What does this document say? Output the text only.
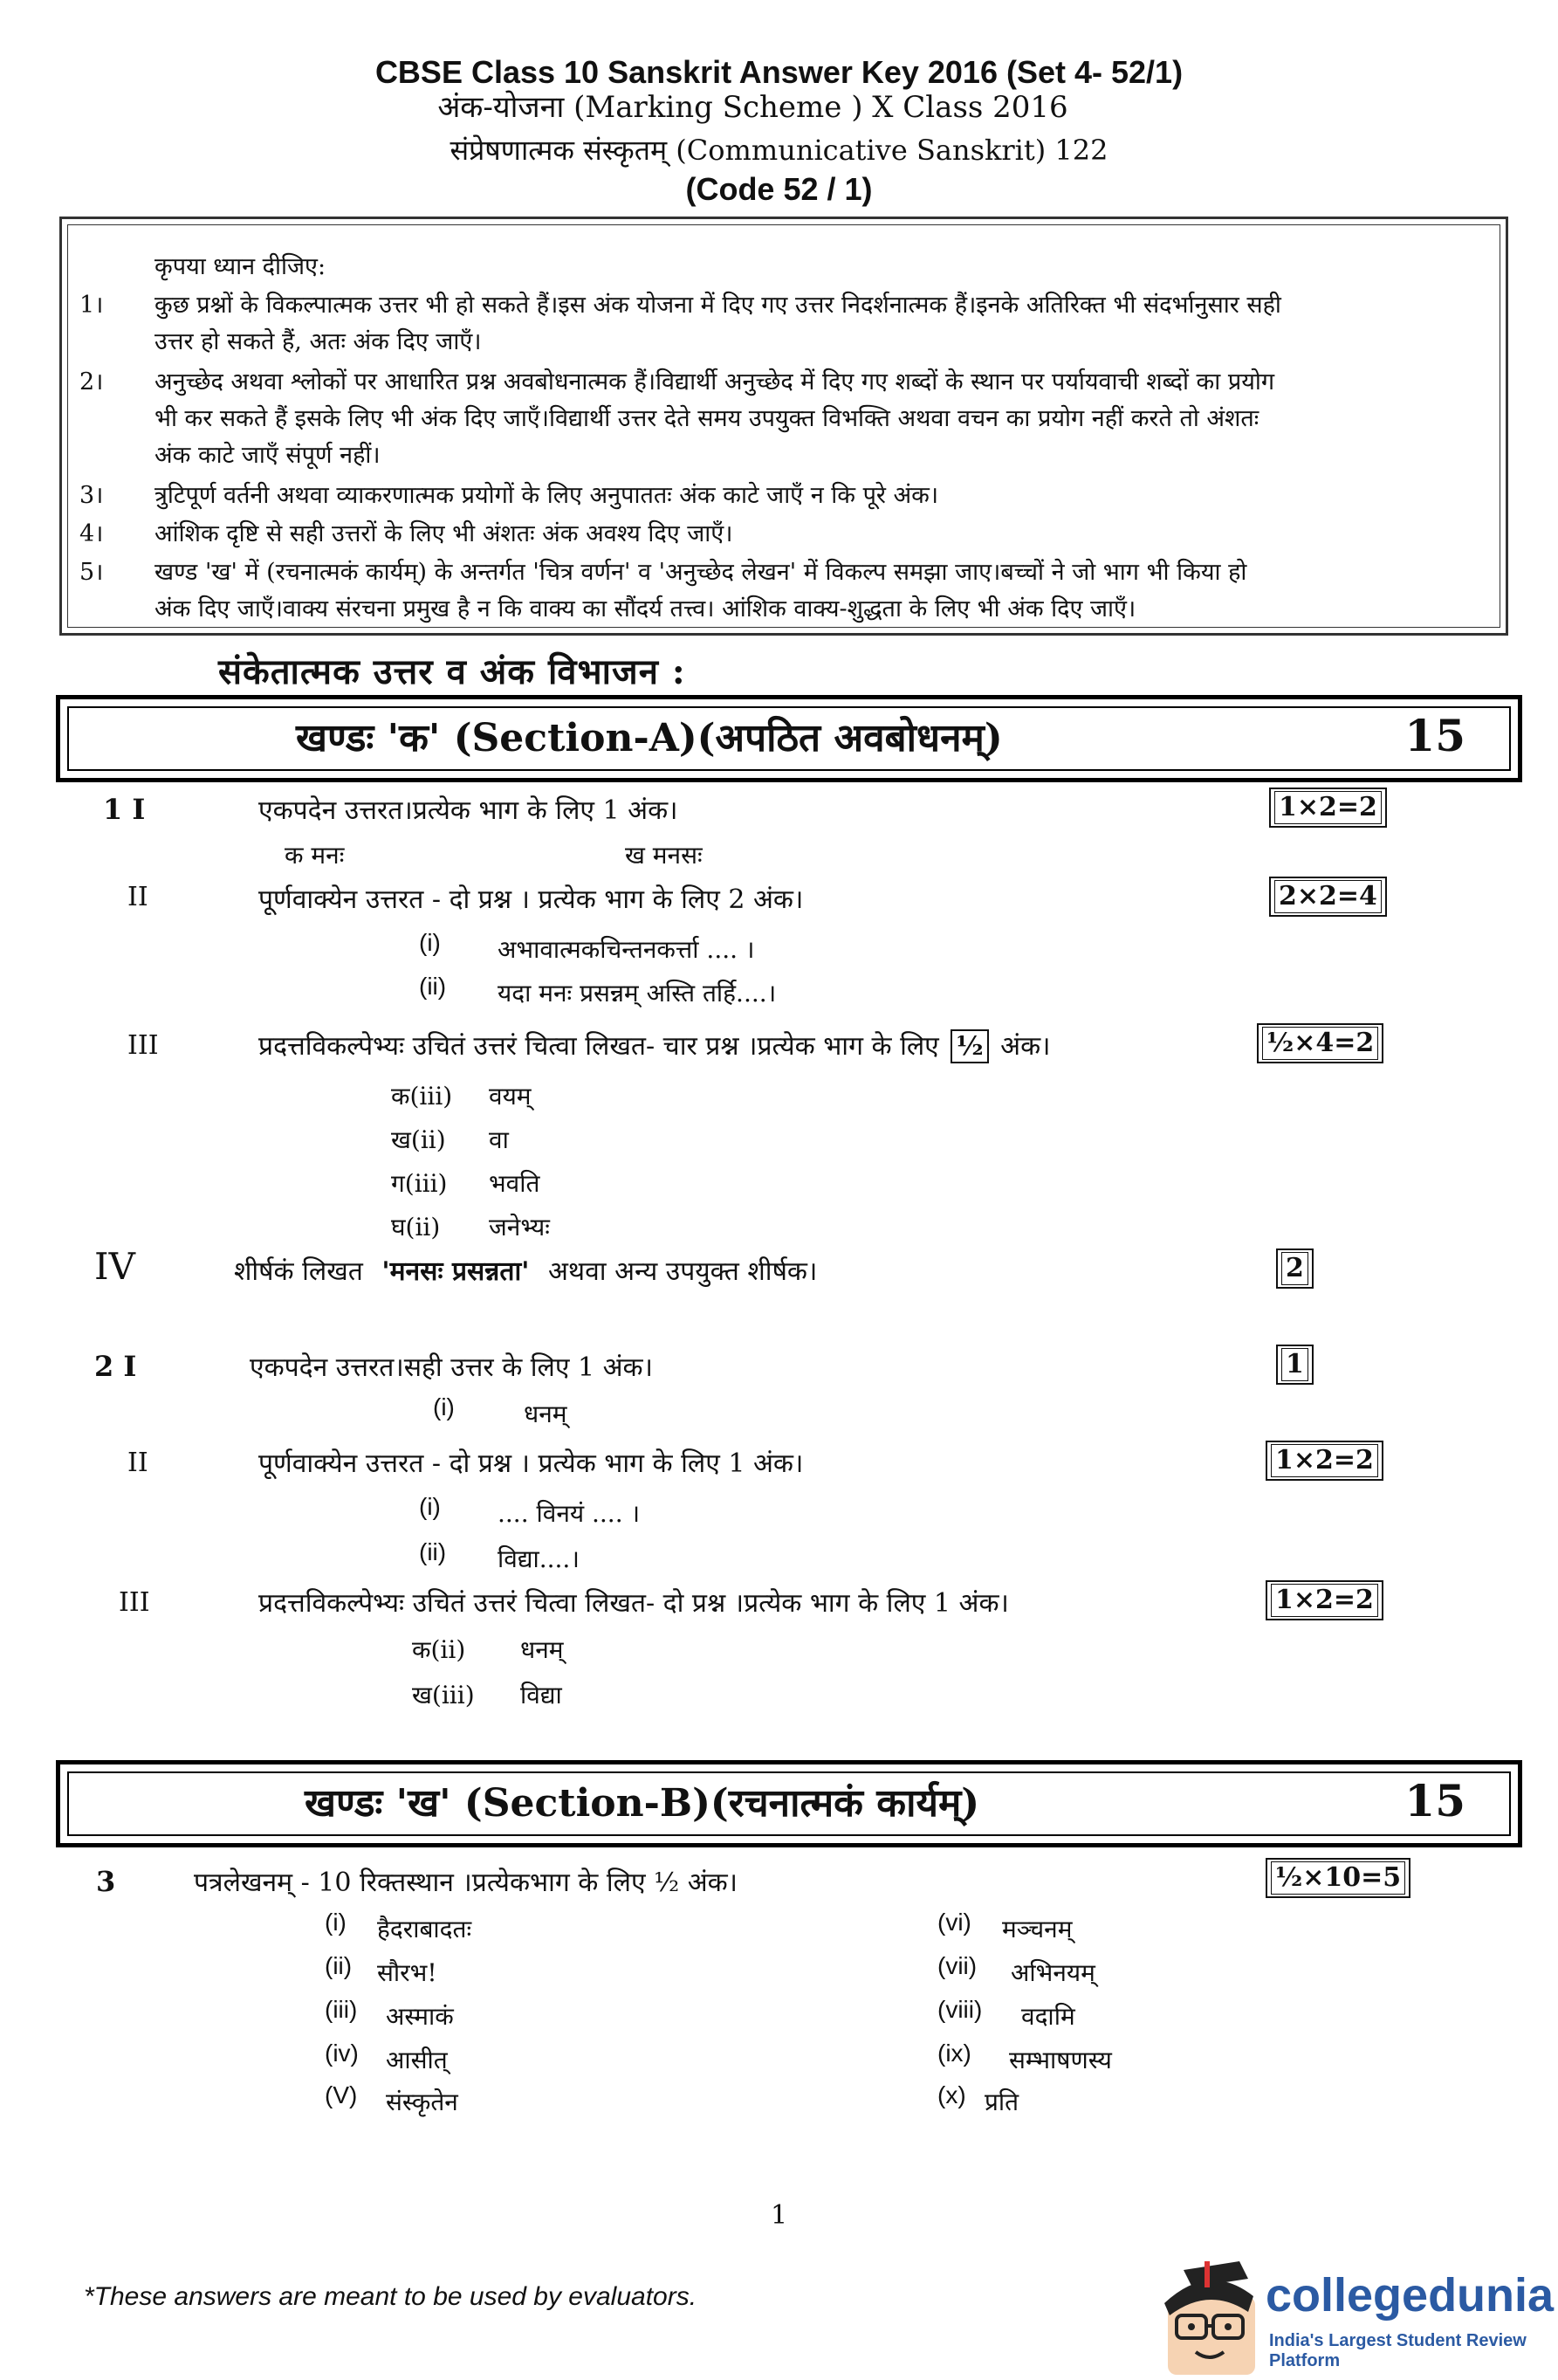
CBSE Class 10 Sanskrit Answer Key 2016 (Set 4- 52/1)
अंक-योजना (Marking Scheme ) X Class 2016
संप्रेषणात्मक संस्कृतम् (Communicative Sanskrit) 122
(Code 52 / 1)
कृपया ध्यान दीजिए:
1। कुछ प्रश्नों के विकल्पात्मक उत्तर भी हो सकते हैं।इस अंक योजना में दिए गए उत्तर निदर्शनात्मक हैं।इनके अतिरिक्त भी संदर्भानुसार सही
उत्तर हो सकते हैं, अतः अंक दिए जाएँ।
2। अनुच्छेद अथवा श्लोकों पर आधारित प्रश्न अवबोधनात्मक हैं।विद्यार्थी अनुच्छेद में दिए गए शब्दों के स्थान पर पर्यायवाची शब्दों का प्रयोग
भी कर सकते हैं इसके लिए भी अंक दिए जाएँ।विद्यार्थी उत्तर देते समय उपयुक्त विभक्ति अथवा वचन का प्रयोग नहीं करते तो अंशतः
अंक काटे जाएँ संपूर्ण नहीं।
3। त्रुटिपूर्ण वर्तनी अथवा व्याकरणात्मक प्रयोगों के लिए अनुपाततः अंक काटे जाएँ न कि पूरे अंक।
4। आंशिक दृष्टि से सही उत्तरों के लिए भी अंशतः अंक अवश्य दिए जाएँ।
5। खण्ड 'ख' में (रचनात्मकं कार्यम्) के अन्तर्गत 'चित्र वर्णन' व 'अनुच्छेद लेखन' में विकल्प समझा जाए।बच्चों ने जो भाग भी किया हो
अंक दिए जाएँ।वाक्य संरचना प्रमुख है न कि वाक्य का सौंदर्य तत्त्व। आंशिक वाक्य-शुद्धता के लिए भी अंक दिए जाएँ।
संकेतात्मक उत्तर व अंक विभाजन :
खण्डः 'क' (Section-A)(अपठित अवबोधनम्)	15
1 I	एकपदेन उत्तरत।प्रत्येक भाग के लिए 1 अंक।	1×2=2
क मनः	ख मनसः
II	पूर्णवाक्येन उत्तरत - दो प्रश्न । प्रत्येक भाग के लिए 2 अंक।	2×2=4
(i) अभावात्मकचिन्तनकर्त्ता .... ।
(ii) यदा मनः प्रसन्नम् अस्ति तर्हि....।
III	प्रदत्तविकल्पेभ्यः उचितं उत्तरं चित्वा लिखत- चार प्रश्न ।प्रत्येक भाग के लिए ½ अंक।	½×4=2
क(iii) वयम्
ख(ii) वा
ग(iii) भवति
घ(ii) जनेभ्यः
IV	शीर्षकं लिखत 'मनसः प्रसन्नता' अथवा अन्य उपयुक्त शीर्षक।	2
2 I	एकपदेन उत्तरत।सही उत्तर के लिए 1 अंक।	1
(i)	धनम्
II	पूर्णवाक्येन उत्तरत - दो प्रश्न । प्रत्येक भाग के लिए 1 अंक।	1×2=2
(i) .... विनयं .... ।
(ii) विद्या....।
III	प्रदत्तविकल्पेभ्यः उचितं उत्तरं चित्वा लिखत- दो प्रश्न ।प्रत्येक भाग के लिए 1 अंक।	1×2=2
क(ii) धनम्
ख(iii) विद्या
खण्डः 'ख' (Section-B)(रचनात्मकं कार्यम्)	15
3	पत्रलेखनम् - 10 रिक्तस्थान ।प्रत्येकभाग के लिए ½ अंक।	½×10=5
(i) हैदराबादतः
(ii) सौरभ!
(iii) अस्माकं
(iv) आसीत्
(V) संस्कृतेन
(vi) मञ्चनम्
(vii) अभिनयम्
(viii) वदामि
(ix) सम्भाषणस्य
(x) प्रति
1
*These answers are meant to be used by evaluators.	collegedunia
India's Largest Student Review Platform
